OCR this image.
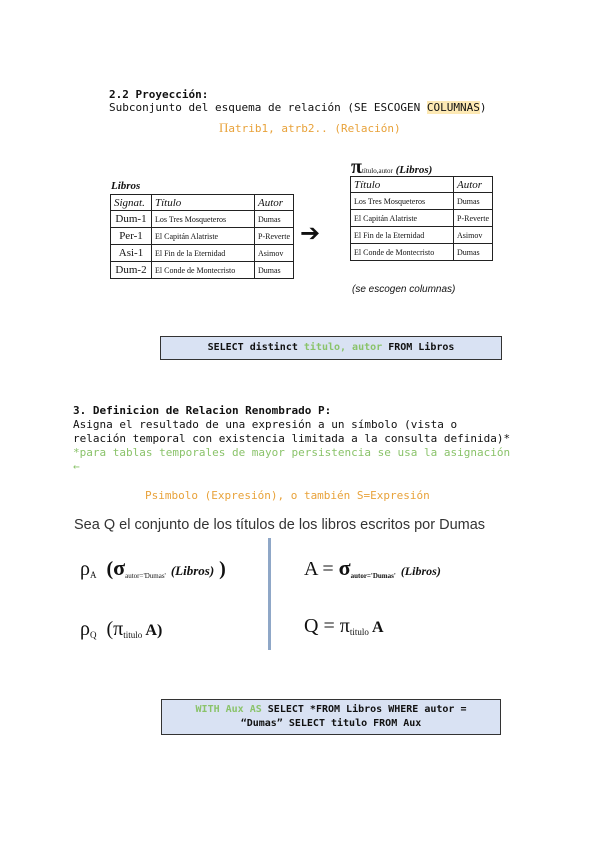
2.2 Proyección:
Subconjunto del esquema de relación (SE ESCOGEN COLUMNAS)
Πatrib1, atrb2.. (Relación)
Libros
Signat.	Título	Autor
Dum-1	Los Tres Mosqueteros	Dumas
Per-1	El Capitán Alatriste	P-Reverte
Asi-1	El Fin de la Eternidad	Asimov
Dum-2	El Conde de Montecristo	Dumas
➔
πtítulo,autor (Libros)
Título	Autor
Los Tres Mosqueteros	Dumas
El Capitán Alatriste	P-Reverte
El Fin de la Eternidad	Asimov
El Conde de Montecristo	Dumas
(se escogen columnas)
SELECT distinct titulo, autor FROM Libros
3. Definicion de Relacion Renombrado P:
Asigna el resultado de una expresión a un símbolo (vista o
relación temporal con existencia limitada a la consulta definida)*
*para tablas temporales de mayor persistencia se usa la asignación
←
Psimbolo (Expresión), o también S=Expresión
Sea Q el conjunto de los títulos de los libros escritos por Dumas
$\rho_A$ (σautor='Dumas' (Libros) )	A = σautor='Dumas' (Libros)
$\rho_Q$ ($\pi_{titulo}$ A)	$Q = \pi_{titulo}$ A
WITH Aux AS SELECT *FROM Libros WHERE autor =
“Dumas” SELECT titulo FROM Aux
